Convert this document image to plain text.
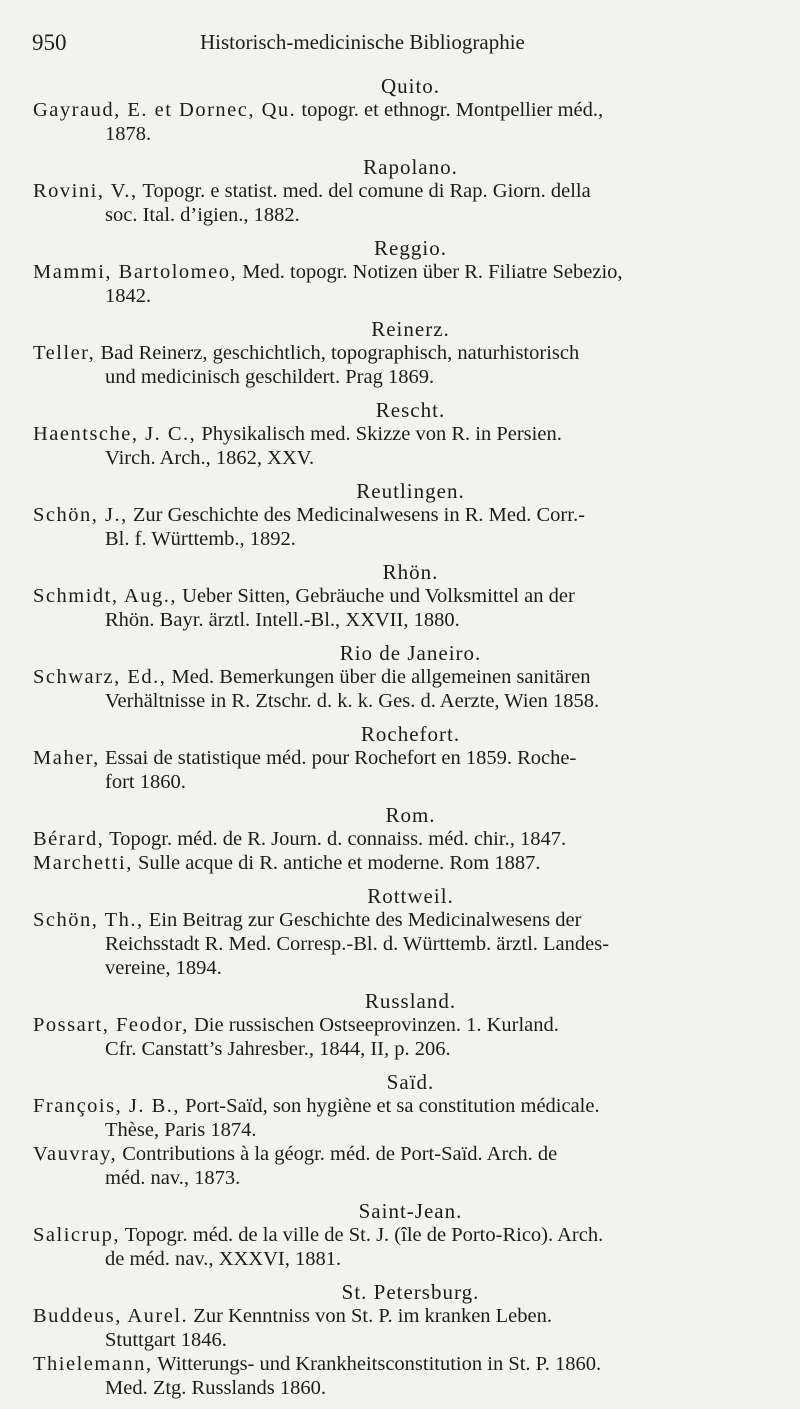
950	Historisch-medicinische Bibliographie
Quito.
Gayraud, E. et Dornec, Qu. topogr. et ethnogr. Montpellier méd.,
1878.
Rapolano.
Rovini, V., Topogr. e statist. med. del comune di Rap. Giorn. della
soc. Ital. d’igien., 1882.
Reggio.
Mammi, Bartolomeo, Med. topogr. Notizen über R. Filiatre Sebezio,
1842.
Reinerz.
Teller, Bad Reinerz, geschichtlich, topographisch, naturhistorisch
und medicinisch geschildert. Prag 1869.
Rescht.
Haentsche, J. C., Physikalisch med. Skizze von R. in Persien.
Virch. Arch., 1862, XXV.
Reutlingen.
Schön, J., Zur Geschichte des Medicinalwesens in R. Med. Corr.-
Bl. f. Württemb., 1892.
Rhön.
Schmidt, Aug., Ueber Sitten, Gebräuche und Volksmittel an der
Rhön. Bayr. ärztl. Intell.-Bl., XXVII, 1880.
Rio de Janeiro.
Schwarz, Ed., Med. Bemerkungen über die allgemeinen sanitären
Verhältnisse in R. Ztschr. d. k. k. Ges. d. Aerzte, Wien 1858.
Rochefort.
Maher, Essai de statistique méd. pour Rochefort en 1859. Roche-
fort 1860.
Rom.
Bérard, Topogr. méd. de R. Journ. d. connaiss. méd. chir., 1847.
Marchetti, Sulle acque di R. antiche et moderne. Rom 1887.
Rottweil.
Schön, Th., Ein Beitrag zur Geschichte des Medicinalwesens der
Reichsstadt R. Med. Corresp.-Bl. d. Württemb. ärztl. Landes-
vereine, 1894.
Russland.
Possart, Feodor, Die russischen Ostseeprovinzen. 1. Kurland.
Cfr. Canstatt’s Jahresber., 1844, II, p. 206.
Saïd.
François, J. B., Port-Saïd, son hygiène et sa constitution médicale.
Thèse, Paris 1874.
Vauvray, Contributions à la géogr. méd. de Port-Saïd. Arch. de
méd. nav., 1873.
Saint-Jean.
Salicrup, Topogr. méd. de la ville de St. J. (île de Porto-Rico). Arch.
de méd. nav., XXXVI, 1881.
St. Petersburg.
Buddeus, Aurel. Zur Kenntniss von St. P. im kranken Leben.
Stuttgart 1846.
Thielemann, Witterungs- und Krankheitsconstitution in St. P. 1860.
Med. Ztg. Russlands 1860.
